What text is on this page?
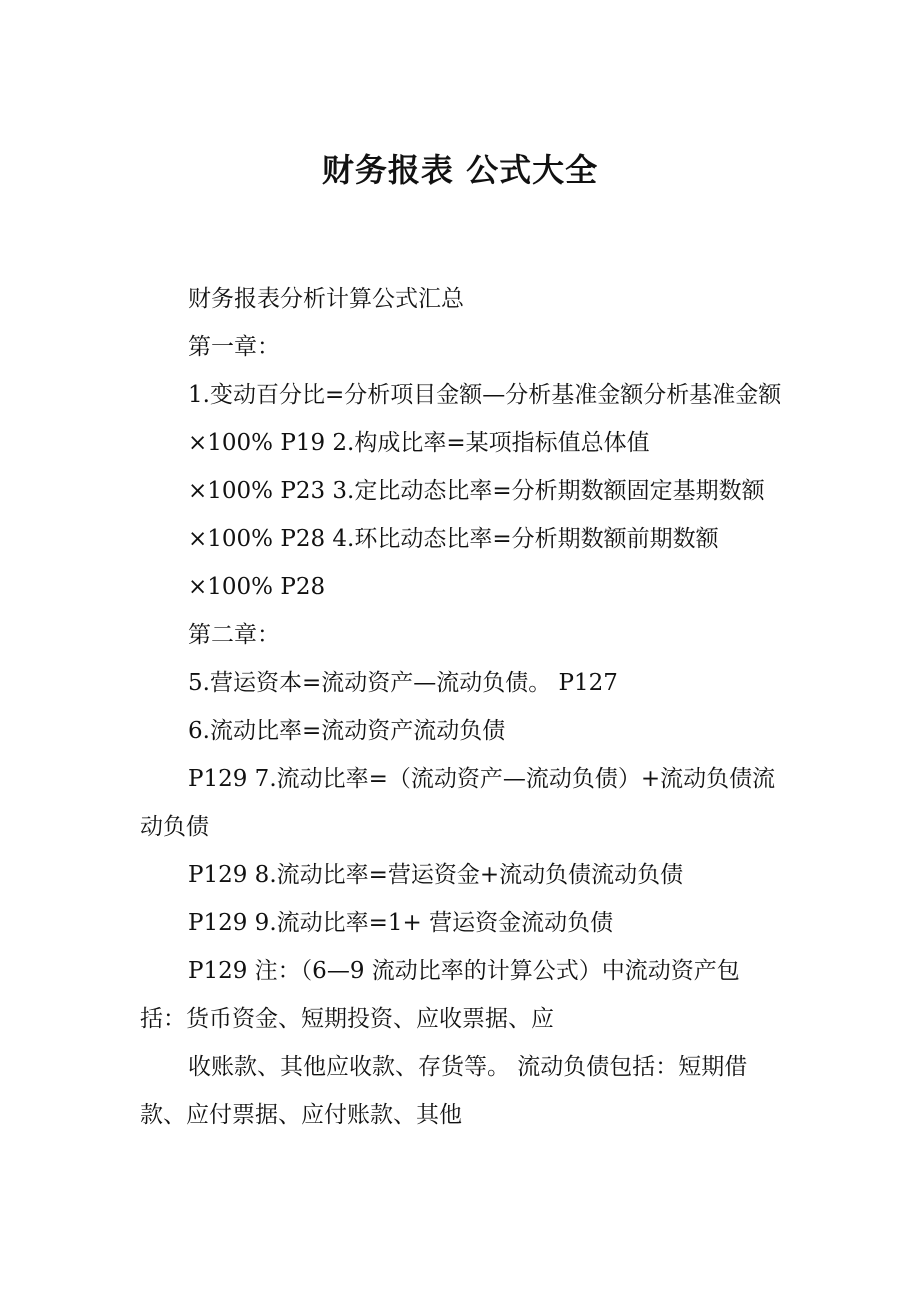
财务报表 公式大全

财务报表分析计算公式汇总

第一章：

1.变动百分比=分析项目金额—分析基准金额分析基准金额

×100% P19 2.构成比率=某项指标值总体值

×100% P23 3.定比动态比率=分析期数额固定基期数额

×100% P28 4.环比动态比率=分析期数额前期数额

×100% P28

第二章：

5.营运资本=流动资产—流动负债。 P127

6.流动比率=流动资产流动负债

P129 7.流动比率=（流动资产—流动负债）+流动负债流动负债

P129 8.流动比率=营运资金+流动负债流动负债

P129 9.流动比率=1+ 营运资金流动负债

P129 注：（6—9 流动比率的计算公式）中流动资产包括：货币资金、短期投资、应收票据、应

收账款、其他应收款、存货等。 流动负债包括：短期借款、应付票据、应付账款、其他
